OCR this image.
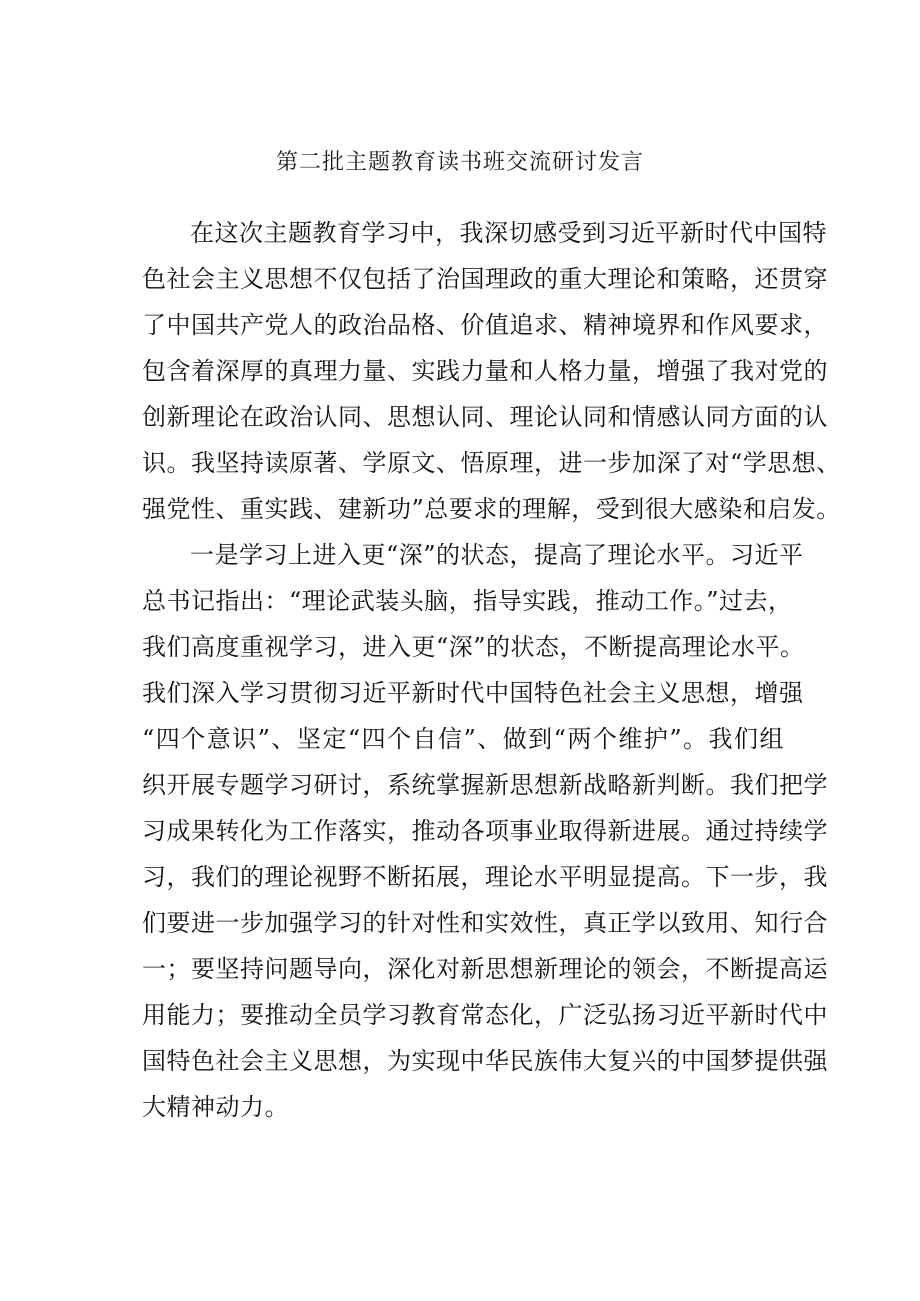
第二批主题教育读书班交流研讨发言
在这次主题教育学习中，我深切感受到习近平新时代中国特
色社会主义思想不仅包括了治国理政的重大理论和策略，还贯穿
了中国共产党人的政治品格、价值追求、精神境界和作风要求，
包含着深厚的真理力量、实践力量和人格力量，增强了我对党的
创新理论在政治认同、思想认同、理论认同和情感认同方面的认
识。我坚持读原著、学原文、悟原理，进一步加深了对“学思想、
强党性、重实践、建新功”总要求的理解，受到很大感染和启发。
一是学习上进入更“深”的状态，提高了理论水平。习近平
总书记指出：“理论武装头脑，指导实践，推动工作。”过去，
我们高度重视学习，进入更“深”的状态，不断提高理论水平。
我们深入学习贯彻习近平新时代中国特色社会主义思想，增强
“四个意识”、坚定“四个自信”、做到“两个维护”。我们组
织开展专题学习研讨，系统掌握新思想新战略新判断。我们把学
习成果转化为工作落实，推动各项事业取得新进展。通过持续学
习，我们的理论视野不断拓展，理论水平明显提高。下一步，我
们要进一步加强学习的针对性和实效性，真正学以致用、知行合
一；要坚持问题导向，深化对新思想新理论的领会，不断提高运
用能力；要推动全员学习教育常态化，广泛弘扬习近平新时代中
国特色社会主义思想，为实现中华民族伟大复兴的中国梦提供强
大精神动力。
